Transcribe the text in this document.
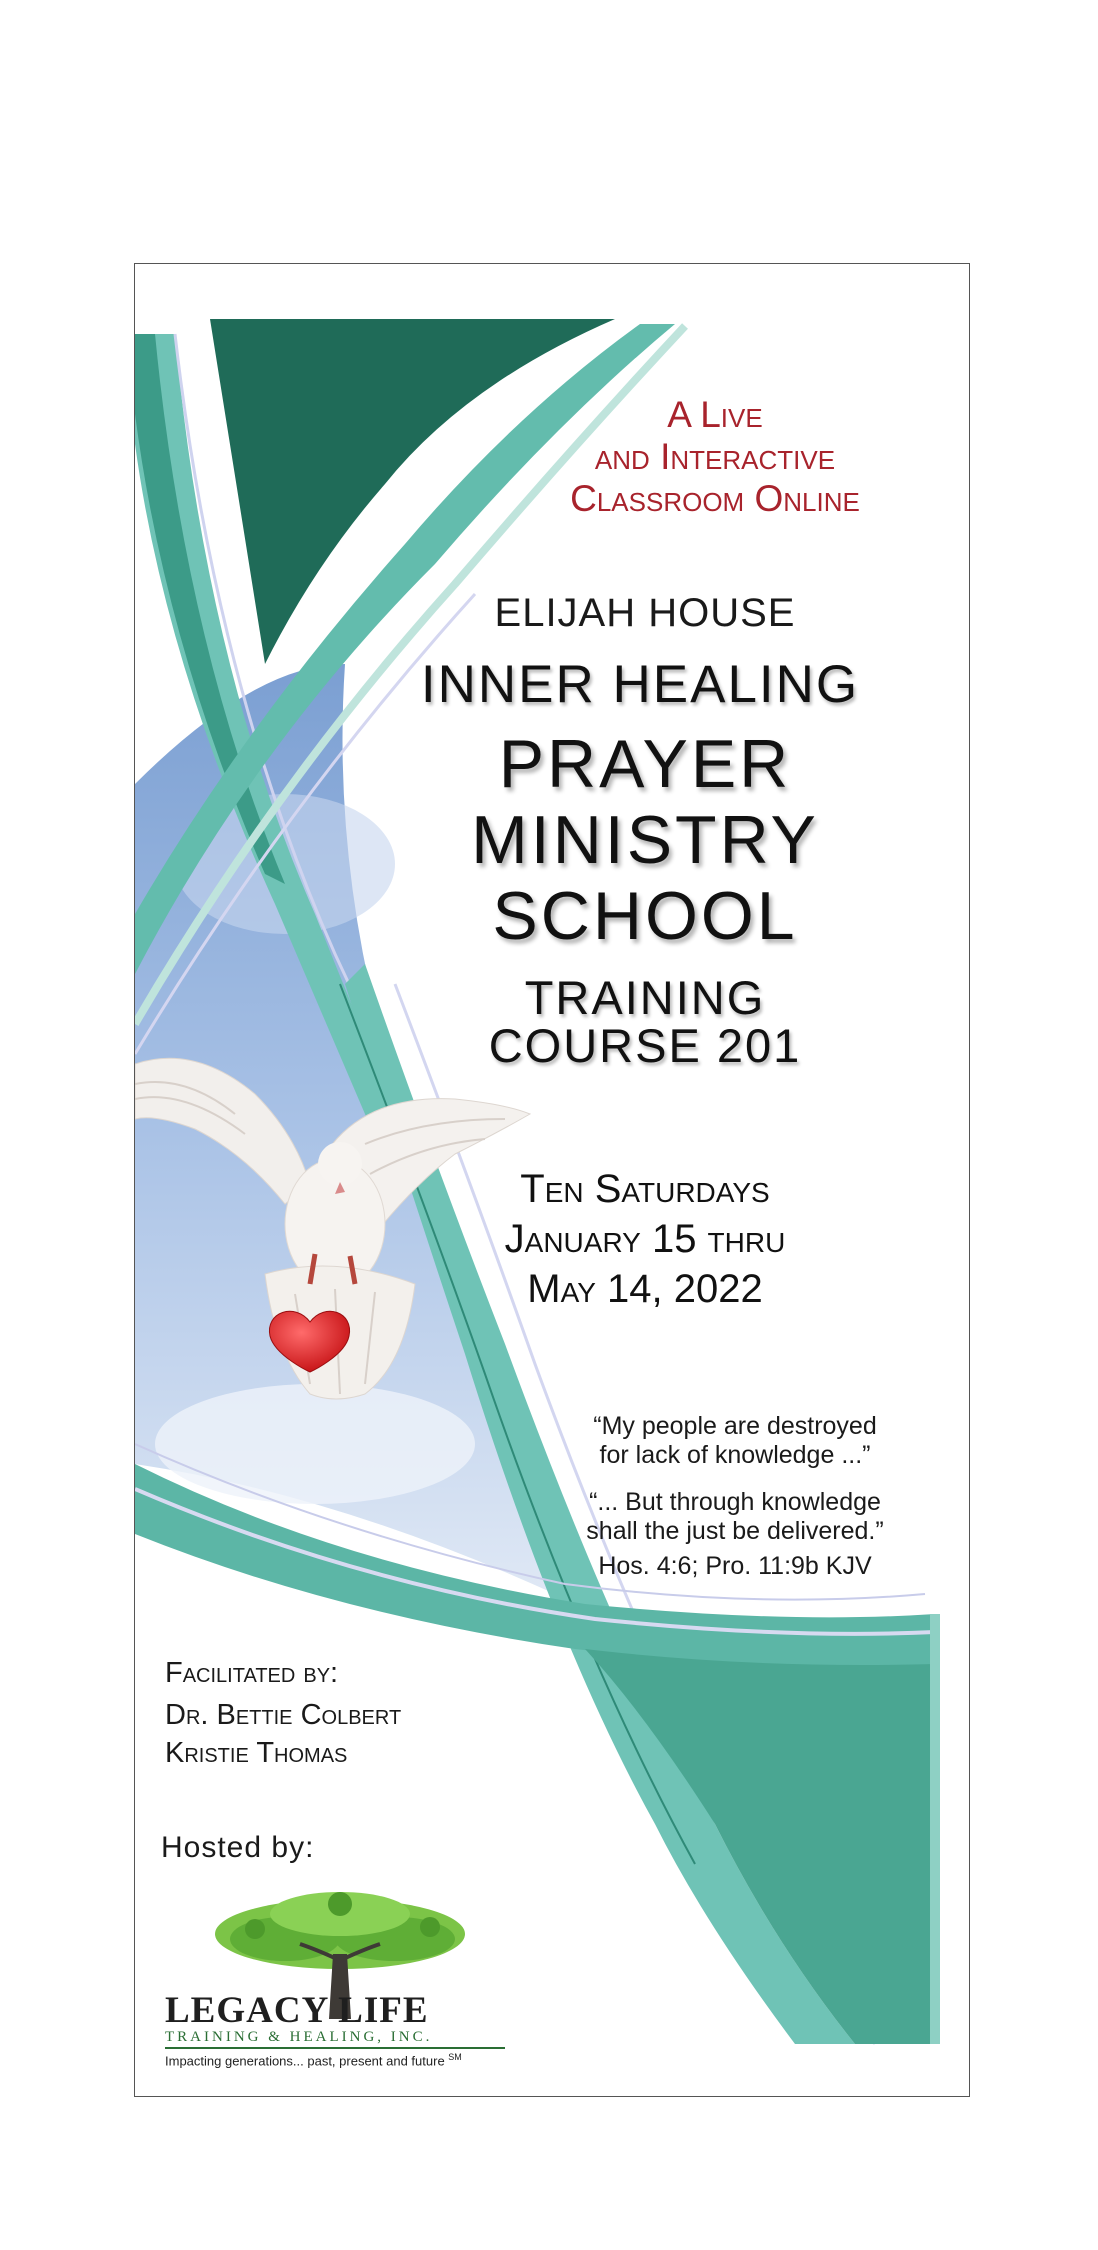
A Live
and Interactive
Classroom Online
ELIJAH HOUSE
INNER HEALING
PRAYER
MINISTRY
SCHOOL
TRAINING
COURSE 201
Ten Saturdays
January 15 thru
May 14, 2022

“My people are destroyed
for lack of knowledge ...”

“... But through knowledge
shall the just be delivered.”

Hos. 4:6; Pro. 11:9b KJV
Facilitated by:
Dr. Bettie Colbert
Kristie Thomas
Hosted by:
LEGACY LIFE
TRAINING & HEALING, INC.
Impacting generations... past, present and future ℠
